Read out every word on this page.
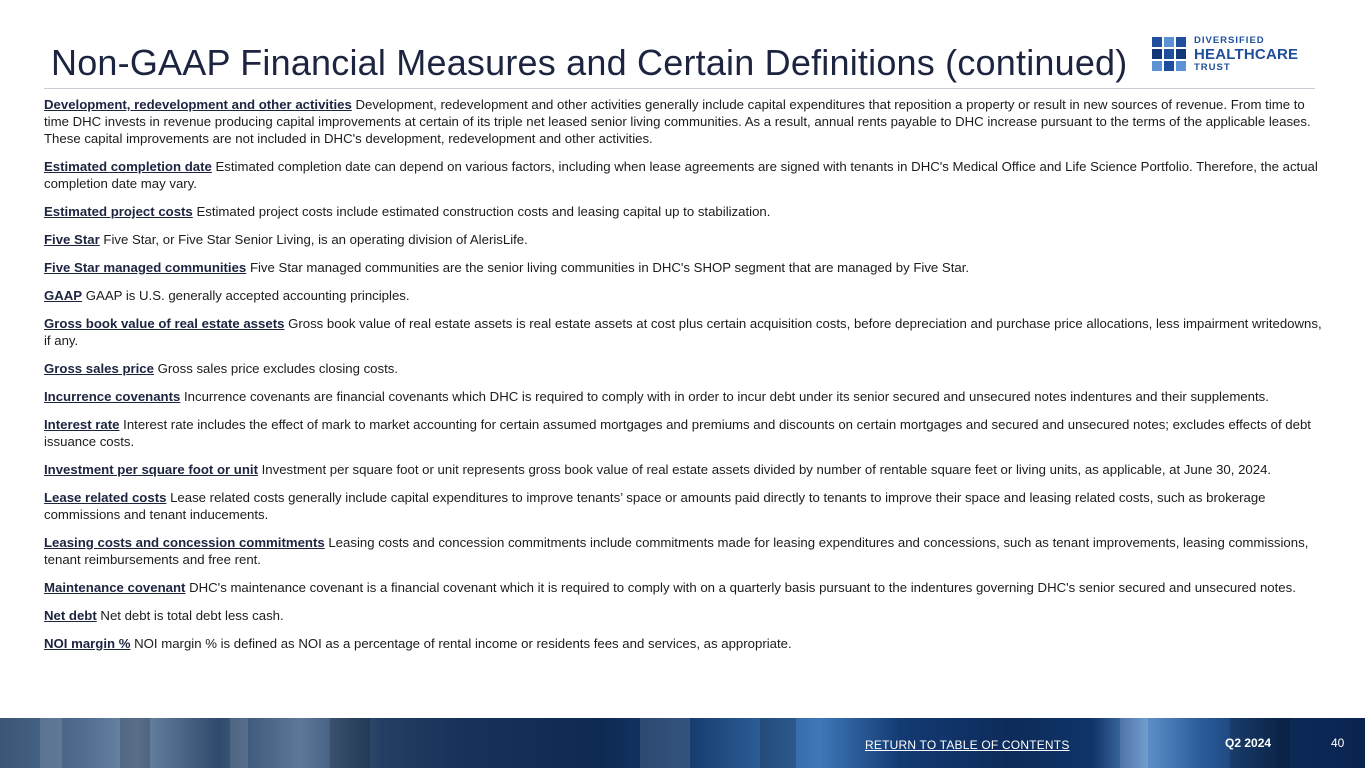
Non-GAAP Financial Measures and Certain Definitions (continued)
DIVERSIFIED
HEALTHCARE
TRUST

Development, redevelopment and other activities Development, redevelopment and other activities generally include capital expenditures that reposition a property or result in new sources of revenue. From time to time DHC invests in revenue producing capital improvements at certain of its triple net leased senior living communities. As a result, annual rents payable to DHC increase pursuant to the terms of the applicable leases. These capital improvements are not included in DHC's development, redevelopment and other activities.

Estimated completion date Estimated completion date can depend on various factors, including when lease agreements are signed with tenants in DHC's Medical Office and Life Science Portfolio. Therefore, the actual completion date may vary.

Estimated project costs Estimated project costs include estimated construction costs and leasing capital up to stabilization.

Five Star Five Star, or Five Star Senior Living, is an operating division of AlerisLife.

Five Star managed communities Five Star managed communities are the senior living communities in DHC's SHOP segment that are managed by Five Star.

GAAP GAAP is U.S. generally accepted accounting principles.

Gross book value of real estate assets Gross book value of real estate assets is real estate assets at cost plus certain acquisition costs, before depreciation and purchase price allocations, less impairment writedowns, if any.

Gross sales price Gross sales price excludes closing costs.

Incurrence covenants Incurrence covenants are financial covenants which DHC is required to comply with in order to incur debt under its senior secured and unsecured notes indentures and their supplements.

Interest rate Interest rate includes the effect of mark to market accounting for certain assumed mortgages and premiums and discounts on certain mortgages and secured and unsecured notes; excludes effects of debt issuance costs.

Investment per square foot or unit Investment per square foot or unit represents gross book value of real estate assets divided by number of rentable square feet or living units, as applicable, at June 30, 2024.

Lease related costs Lease related costs generally include capital expenditures to improve tenants’ space or amounts paid directly to tenants to improve their space and leasing related costs, such as brokerage commissions and tenant inducements.

Leasing costs and concession commitments Leasing costs and concession commitments include commitments made for leasing expenditures and concessions, such as tenant improvements, leasing commissions, tenant reimbursements and free rent.

Maintenance covenant DHC's maintenance covenant is a financial covenant which it is required to comply with on a quarterly basis pursuant to the indentures governing DHC's senior secured and unsecured notes.

Net debt Net debt is total debt less cash.

NOI margin % NOI margin % is defined as NOI as a percentage of rental income or residents fees and services, as appropriate.

RETURN TO TABLE OF CONTENTS	Q2 2024	40
